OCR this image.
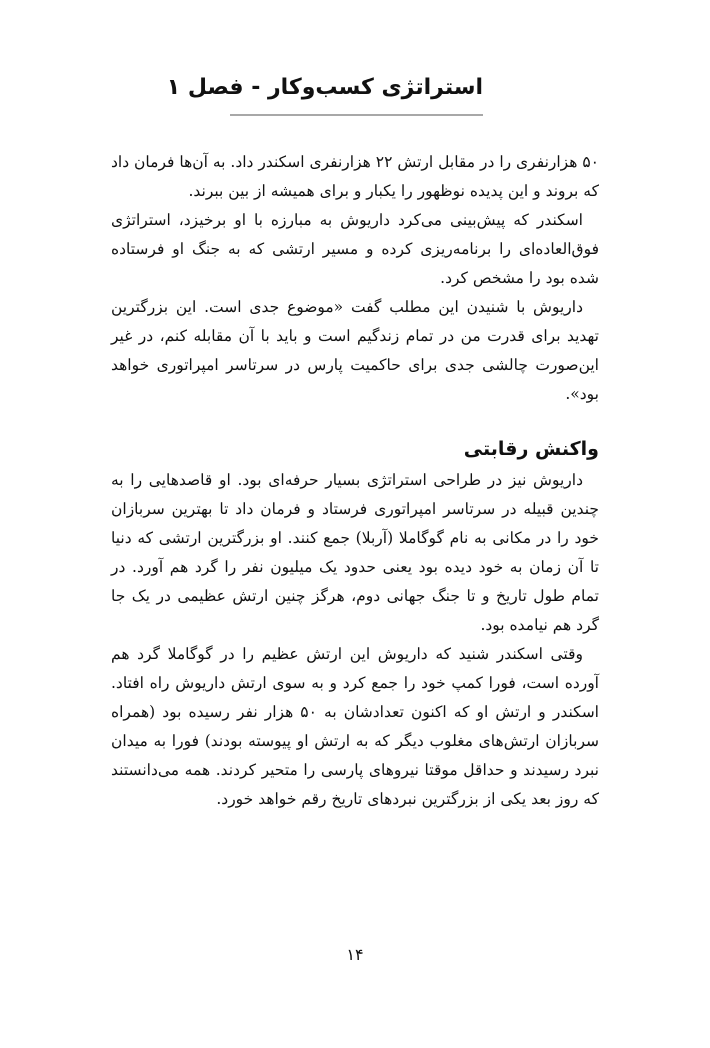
استراتژی کسب‌وکار - فصل ۱

۵۰ هزارنفری را در مقابل ارتش ۲۲ هزارنفری اسکندر داد. به آن‌ها فرمان داد که بروند و این پدیده نوظهور را یکبار و برای همیشه از بین ببرند.

اسکندر که پیش‌بینی می‌کرد داریوش به مبارزه با او برخیزد، استراتژی فوق‌العاده‌ای را برنامه‌ریزی کرده و مسیر ارتشی که به جنگ او فرستاده شده بود را مشخص کرد.

داریوش با شنیدن این مطلب گفت «موضوع جدی است. این بزرگترین تهدید برای قدرت من در تمام زندگیم است و باید با آن مقابله کنم، در غیر این‌صورت چالشی جدی برای حاکمیت پارس در سرتاسر امپراتوری خواهد بود».

واکنش رقابتی

داریوش نیز در طراحی استراتژی بسیار حرفه‌ای بود. او قاصدهایی را به چندین قبیله در سرتاسر امپراتوری فرستاد و فرمان داد تا بهترین سربازان خود را در مکانی به نام گوگاملا (آربلا) جمع کنند. او بزرگترین ارتشی که دنیا تا آن زمان به خود دیده بود یعنی حدود یک میلیون نفر را گرد هم آورد. در تمام طول تاریخ و تا جنگ جهانی دوم، هرگز چنین ارتش عظیمی در یک جا گرد هم نیامده بود.

وقتی اسکندر شنید که داریوش این ارتش عظیم را در گوگاملا گرد هم آورده است، فورا کمپ خود را جمع کرد و به سوی ارتش داریوش راه افتاد. اسکندر و ارتش او که اکنون تعدادشان به ۵۰ هزار نفر رسیده بود (همراه سربازان ارتش‌های مغلوب دیگر که به ارتش او پیوسته بودند) فورا به میدان نبرد رسیدند و حداقل موقتا نیروهای پارسی را متحیر کردند. همه می‌دانستند که روز بعد یکی از بزرگترین نبردهای تاریخ رقم خواهد خورد.

۱۴
